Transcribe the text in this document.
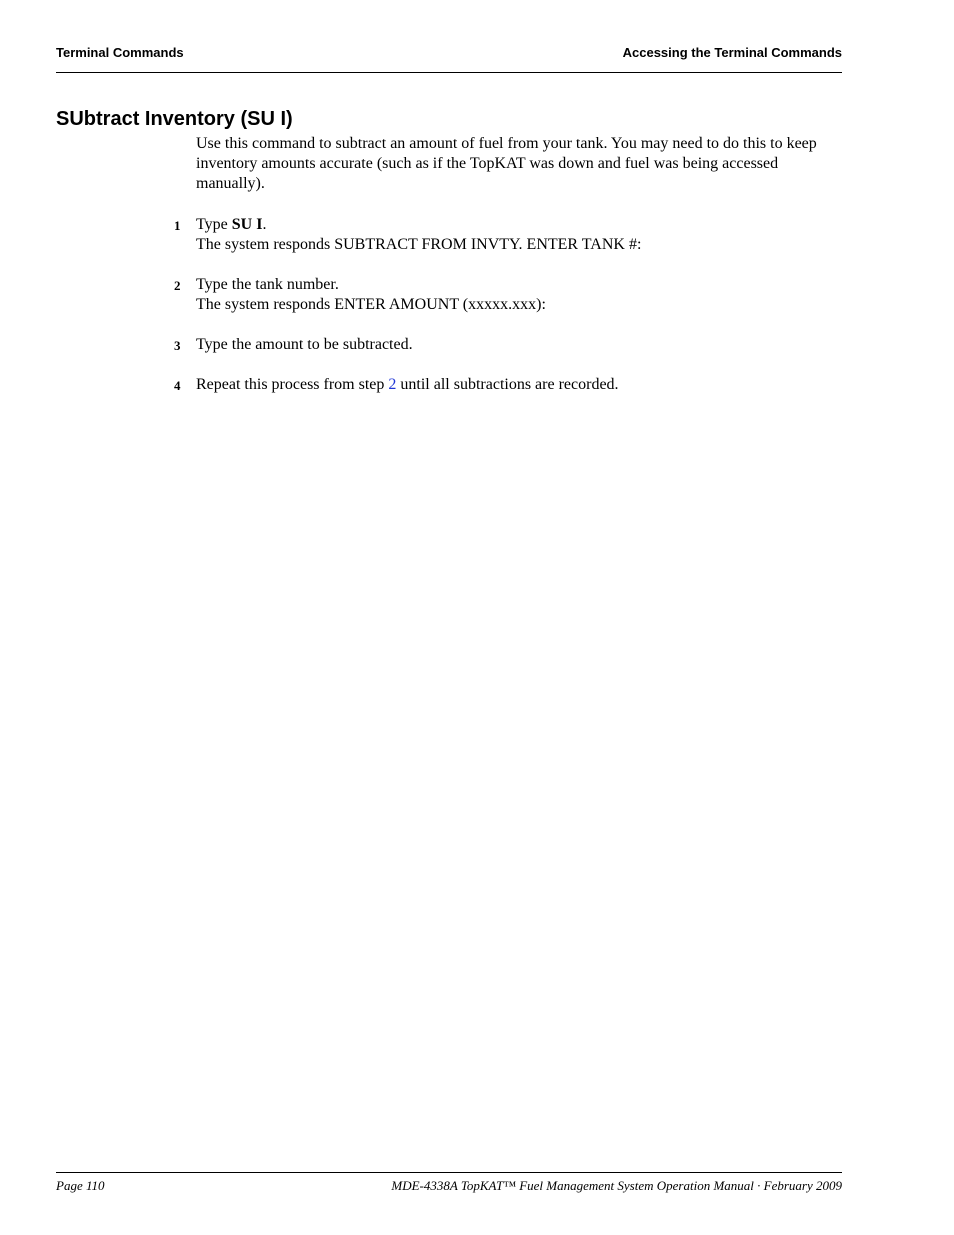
Terminal Commands	Accessing the Terminal Commands
SUbtract Inventory (SU I)

Use this command to subtract an amount of fuel from your tank. You may need to do this to keep inventory amounts accurate (such as if the TopKAT was down and fuel was being accessed manually).

1 Type SU I.

The system responds SUBTRACT FROM INVTY. ENTER TANK #:

2 Type the tank number.

The system responds ENTER AMOUNT (xxxxx.xxx):

3 Type the amount to be subtracted.

4 Repeat this process from step 2 until all subtractions are recorded.

Page 110	MDE-4338A TopKAT™ Fuel Management System Operation Manual · February 2009
